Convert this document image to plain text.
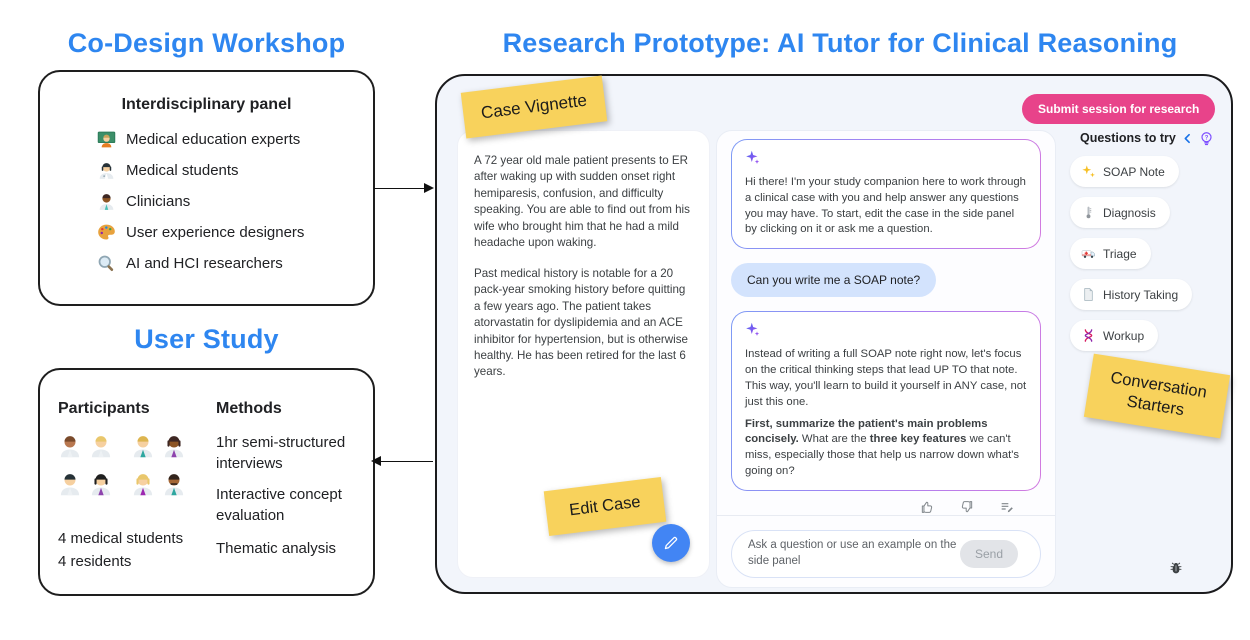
Co-Design Workshop
Interdisciplinary panel
Medical education experts
Medical students
Clinicians
User experience designers
AI and HCI researchers
User Study
Participants	Methods
4 medical students
4 residents
1hr semi-structured interviews
Interactive concept evaluation
Thematic analysis
Research Prototype: AI Tutor for Clinical Reasoning
Case Vignette	Submit session for research

A 72 year old male patient presents to ER after waking up with sudden onset right hemiparesis, confusion, and difficulty speaking. You are able to find out from his wife who brought him that he had a mild headache upon waking.

Past medical history is notable for a 20 pack-year smoking history before quitting a few years ago. The patient takes atorvastatin for dyslipidemia and an ACE inhibitor for hypertension, but is otherwise healthy. He has been retired for the last 6 years.

Edit Case
Hi there! I'm your study companion here to work through a clinical case with you and help answer any questions you may have. To start, edit the case in the side panel by clicking on it or ask me a question.
Can you write me a SOAP note?
Instead of writing a full SOAP note right now, let's focus on the critical thinking steps that lead UP TO that note. This way, you'll learn to build it yourself in ANY case, not just this one.
First, summarize the patient's main problems concisely. What are the three key features we can't miss, especially those that help us narrow down what's going on?
Ask a question or use an example on the side panel	Send
Questions to try	?
SOAP Note
Diagnosis
Triage
History Taking
Workup
Conversation Starters
